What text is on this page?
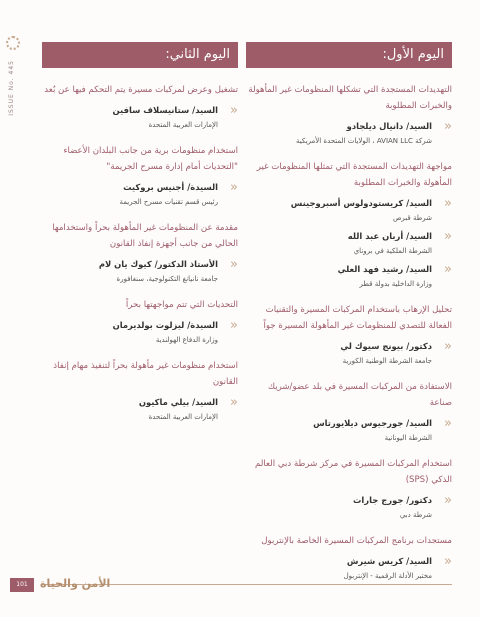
ISSUE No. 445
اليوم الأول:
التهديدات المستجدة التي تشكلها المنظومات غير المأهولة والخبرات المطلوبة
«
السيد/ دانيال ديلجادو
شركة AVIAN LLC ، الولايات المتحدة الأمريكية
مواجهة التهديدات المستجدة التي تمثلها المنظومات غير المأهولة والخبرات المطلوبة
«
السيد/ كريستودولوس أسبروجينس
شرطة قبرص
«
السيد/ أربان عبد الله
الشرطة الملكية في بروناي
«
السيد/ رشيد فهد العلي
وزارة الداخلية بدولة قطر
تحليل الإرهاب باستخدام المركبات المسيرة والتقنيات الفعالة للتصدي للمنظومات غير المأهولة المسيرة جواً
«
دكتور/ بيونج سيوك لي
جامعة الشرطة الوطنية الكورية
الاستفادة من المركبات المسيرة في بلد عضو/شريك صناعة
«
السيد/ جورجيوس ديلايورتاس
الشرطة اليونانية
استخدام المركبات المسيرة في مركز شرطة دبي العالم الذكي (SPS)
«
دكتور/ جورج جارات
شرطة دبي
مستجدات برنامج المركبات المسيرة الخاصة بالإنتربول
«
السيد/ كريس شيرش
مختبر الأدلة الرقمية - الإنتربول
اليوم الثاني:
تشغيل وعرض لمركبات مسيرة يتم التحكم فيها عن بُعد
«
السيد/ ستانيسلاف سافين
الإمارات العربية المتحدة
استخدام منظومات برية من جانب البلدان الأعضاء "التحديات أمام إدارة مسرح الجريمة"
«
السيدة/ أجنيس بروكيت
رئيس قسم تقنيات مسرح الجريمة
مقدمة عن المنظومات غير المأهولة بحراً واستخدامها الحالي من جانب أجهزة إنفاذ القانون
«
الأستاذ الدكتور/ كيوك يان لام
جامعة نانيانغ التكنولوجية، سنغافورة
التحديات التي تتم مواجهتها بحراً
«
السيدة/ ليزلوت بولديرمان
وزارة الدفاع الهولندية
استخدام منظومات غير مأهولة بحراً لتنفيذ مهام إنفاذ القانون
«
السيد/ بيلي ماكيون
الإمارات العربية المتحدة
101	الأمن والحياة
